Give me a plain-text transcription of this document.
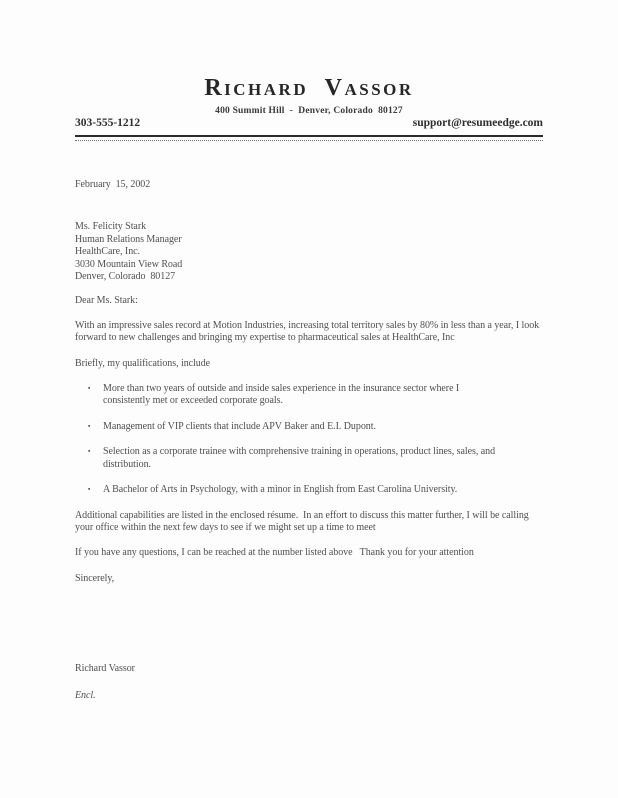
Richard  Vassor
400 Summit Hill  -  Denver, Colorado  80127
303-555-1212	support@resumeedge.com
February  15, 2002
Ms. Felicity Stark
Human Relations Manager
HealthCare, Inc.
3030 Mountain View Road
Denver, Colorado  80127
Dear Ms. Stark:
With an impressive sales record at Motion Industries, increasing total territory sales by 80% in less than a year, I look forward to new challenges and bringing my expertise to pharmaceutical sales at HealthCare, Inc
Briefly, my qualifications, include
▪	More than two years of outside and inside sales experience in the insurance sector where I consistently met or exceeded corporate goals.
▪	Management of VIP clients that include APV Baker and E.I. Dupont.
▪	Selection as a corporate trainee with comprehensive training in operations, product lines, sales, and distribution.
▪	A Bachelor of Arts in Psychology, with a minor in English from East Carolina University.
Additional capabilities are listed in the enclosed résume.  In an effort to discuss this matter further, I will be calling your office within the next few days to see if we might set up a time to meet
If you have any questions, I can be reached at the number listed above   Thank you for your attention
Sincerely,
Richard Vassor
Encl.
